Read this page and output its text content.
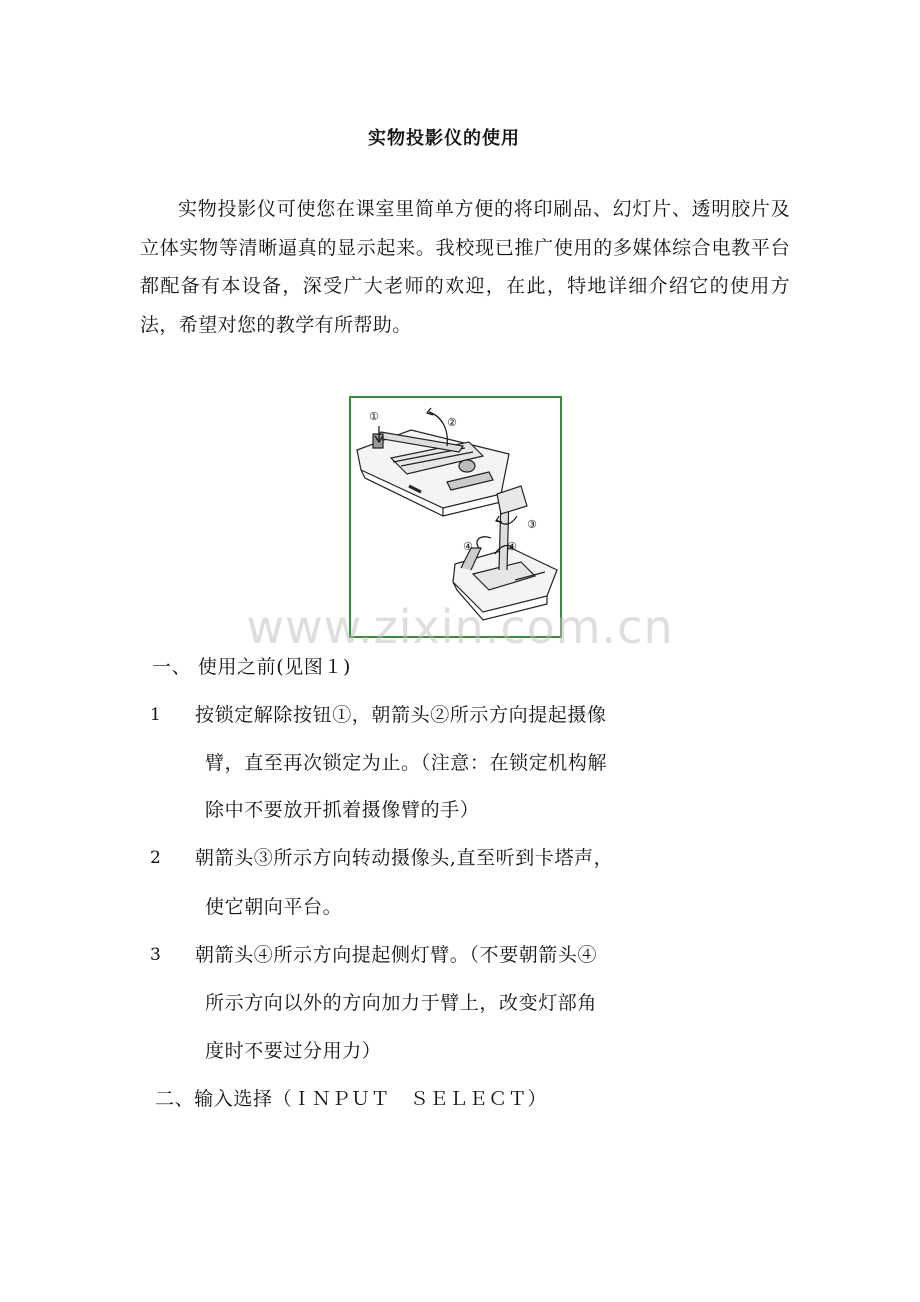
实物投影仪的使用
实物投影仪可使您在课室里简单方便的将印刷品、幻灯片、透明胶片及立体实物等清晰逼真的显示起来。我校现已推广使用的多媒体综合电教平台都配备有本设备，深受广大老师的欢迎，在此，特地详细介绍它的使用方法，希望对您的教学有所帮助。
①	②
③
④	④
www.zixin.com.cn
一、 使用之前(见图１)
1 按锁定解除按钮①，朝箭头②所示方向提起摄像
臂，直至再次锁定为止。（注意：在锁定机构解
除中不要放开抓着摄像臂的手）
2 朝箭头③所示方向转动摄像头,直至听到卡塔声，
使它朝向平台。
3 朝箭头④所示方向提起侧灯臂。（不要朝箭头④
所示方向以外的方向加力于臂上，改变灯部角
度时不要过分用力）
二、输入选择（ＩＮＰＵＴ　ＳＥＬＥＣＴ）
